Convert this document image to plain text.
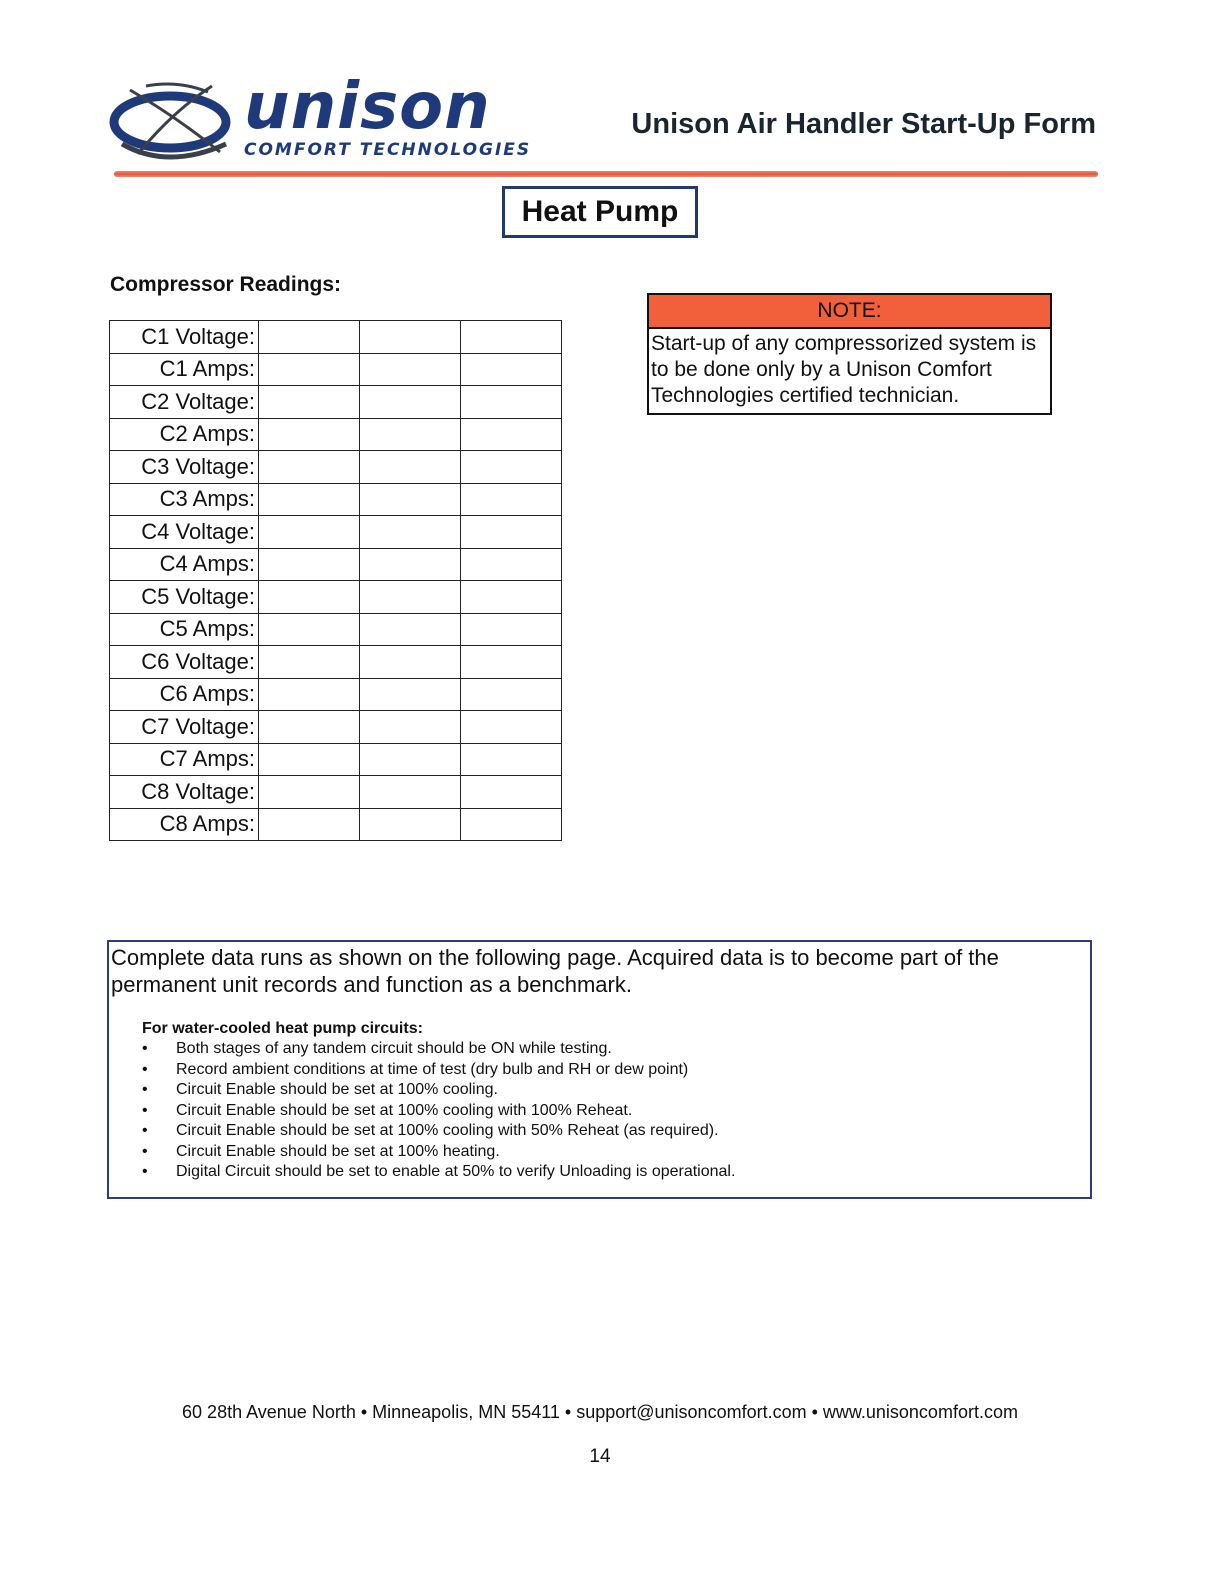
unison
COMFORT TECHNOLOGIES
Unison Air Handler Start-Up Form
Heat Pump
Compressor Readings:
C1 Voltage:			
C1 Amps:			
C2 Voltage:			
C2 Amps:			
C3 Voltage:			
C3 Amps:			
C4 Voltage:			
C4 Amps:			
C5 Voltage:			
C5 Amps:			
C6 Voltage:			
C6 Amps:			
C7 Voltage:			
C7 Amps:			
C8 Voltage:			
C8 Amps:			
NOTE:
Start-up of any compressorized system is to be done only by a Unison Comfort Technologies certified technician.
Complete data runs as shown on the following page. Acquired data is to become part of the permanent unit records and function as a benchmark.
For water-cooled heat pump circuits:
• Both stages of any tandem circuit should be ON while testing.
• Record ambient conditions at time of test (dry bulb and RH or dew point)
• Circuit Enable should be set at 100% cooling.
• Circuit Enable should be set at 100% cooling with 100% Reheat.
• Circuit Enable should be set at 100% cooling with 50% Reheat (as required).
• Circuit Enable should be set at 100% heating.
• Digital Circuit should be set to enable at 50% to verify Unloading is operational.
60 28th Avenue North • Minneapolis, MN 55411 • support@unisoncomfort.com • www.unisoncomfort.com
14
